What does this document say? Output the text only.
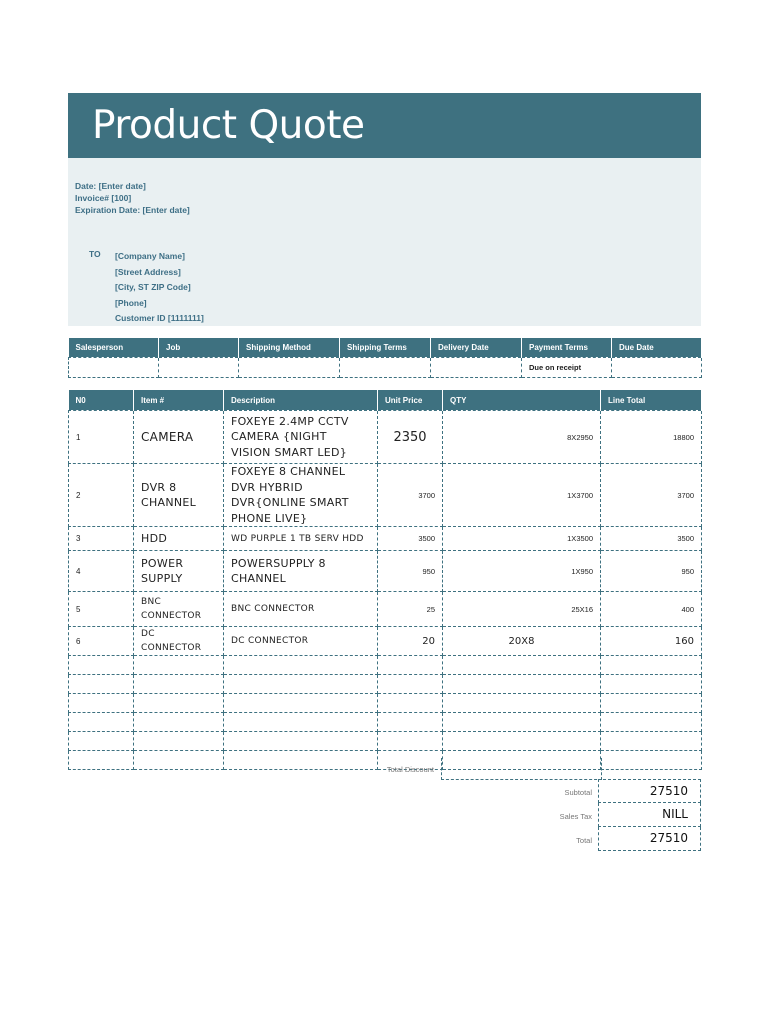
Product Quote
Date: [Enter date]
Invoice# [100]
Expiration Date: [Enter date]
TO [Company Name]
[Street Address]
[City, ST ZIP Code]
[Phone]
Customer ID [1111111]
Salesperson	Job	Shipping Method	Shipping Terms	Delivery Date	Payment Terms	Due Date
					Due on receipt	
N0	Item #	Description	Unit Price	QTY	Line Total
1	CAMERA	FOXEYE 2.4MP CCTV CAMERA {NIGHT VISION SMART LED}	2350	8X2950	18800
2	DVR 8 CHANNEL	FOXEYE 8 CHANNEL DVR HYBRID DVR{ONLINE SMART PHONE LIVE}	3700	1X3700	3700
3	HDD	WD PURPLE 1 TB SERV HDD	3500	1X3500	3500
4	POWER SUPPLY	POWERSUPPLY 8 CHANNEL	950	1X950	950
5	BNC CONNECTOR	BNC CONNECTOR	25	25X16	400
6	DC CONNECTOR	DC CONNECTOR	20	20X8	160

Total Discount
Subtotal	27510
Sales Tax	NILL
Total	27510
